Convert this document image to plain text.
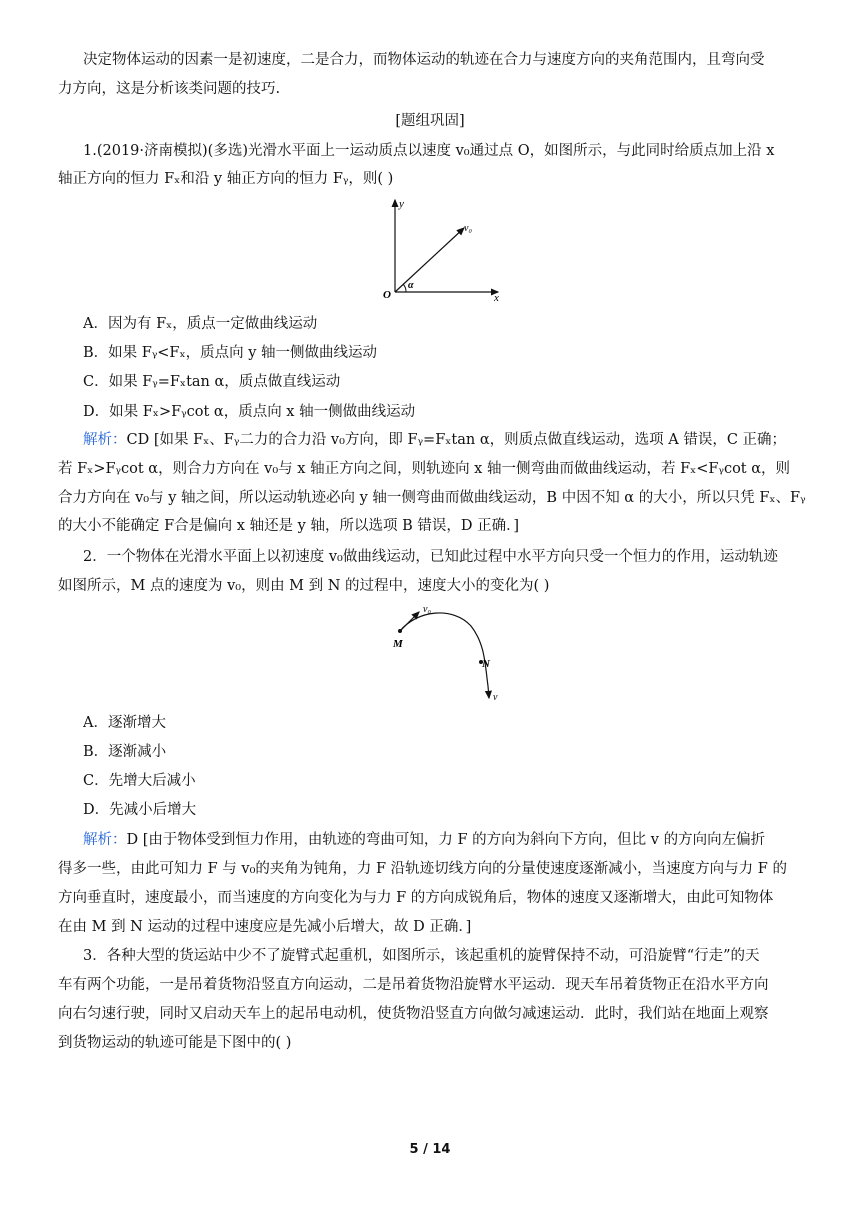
决定物体运动的因素一是初速度，二是合力，而物体运动的轨迹在合力与速度方向的夹角范围内，且弯向受
力方向，这是分析该类问题的技巧.
[题组巩固]
1.(2019·济南模拟)(多选)光滑水平面上一运动质点以速度 v₀通过点 O，如图所示，与此同时给质点加上沿 x
轴正方向的恒力 Fₓ和沿 y 轴正方向的恒力 Fᵧ，则( )
y
x
O
v₀
α
A．因为有 Fₓ，质点一定做曲线运动
B．如果 Fᵧ<Fₓ，质点向 y 轴一侧做曲线运动
C．如果 Fᵧ=Fₓtan α，质点做直线运动
D．如果 Fₓ>Fᵧcot α，质点向 x 轴一侧做曲线运动
解析：CD [如果 Fₓ、Fᵧ二力的合力沿 v₀方向，即 Fᵧ=Fₓtan α，则质点做直线运动，选项 A 错误，C 正确；
若 Fₓ>Fᵧcot α，则合力方向在 v₀与 x 轴正方向之间，则轨迹向 x 轴一侧弯曲而做曲线运动，若 Fₓ<Fᵧcot α，则
合力方向在 v₀与 y 轴之间，所以运动轨迹必向 y 轴一侧弯曲而做曲线运动，B 中因不知 α 的大小，所以只凭 Fₓ、Fᵧ
的大小不能确定 F合是偏向 x 轴还是 y 轴，所以选项 B 错误，D 正确．]
2．一个物体在光滑水平面上以初速度 v₀做曲线运动，已知此过程中水平方向只受一个恒力的作用，运动轨迹
如图所示，M 点的速度为 v₀，则由 M 到 N 的过程中，速度大小的变化为( )
M
N
v₀
v
A．逐渐增大
B．逐渐减小
C．先增大后减小
D．先减小后增大
解析：D [由于物体受到恒力作用，由轨迹的弯曲可知，力 F 的方向为斜向下方向，但比 v 的方向向左偏折
得多一些，由此可知力 F 与 v₀的夹角为钝角，力 F 沿轨迹切线方向的分量使速度逐渐减小，当速度方向与力 F 的
方向垂直时，速度最小，而当速度的方向变化为与力 F 的方向成锐角后，物体的速度又逐渐增大，由此可知物体
在由 M 到 N 运动的过程中速度应是先减小后增大，故 D 正确．]
3．各种大型的货运站中少不了旋臂式起重机，如图所示，该起重机的旋臂保持不动，可沿旋臂“行走”的天
车有两个功能，一是吊着货物沿竖直方向运动，二是吊着货物沿旋臂水平运动．现天车吊着货物正在沿水平方向
向右匀速行驶，同时又启动天车上的起吊电动机，使货物沿竖直方向做匀减速运动．此时，我们站在地面上观察
到货物运动的轨迹可能是下图中的( )
5 / 14
